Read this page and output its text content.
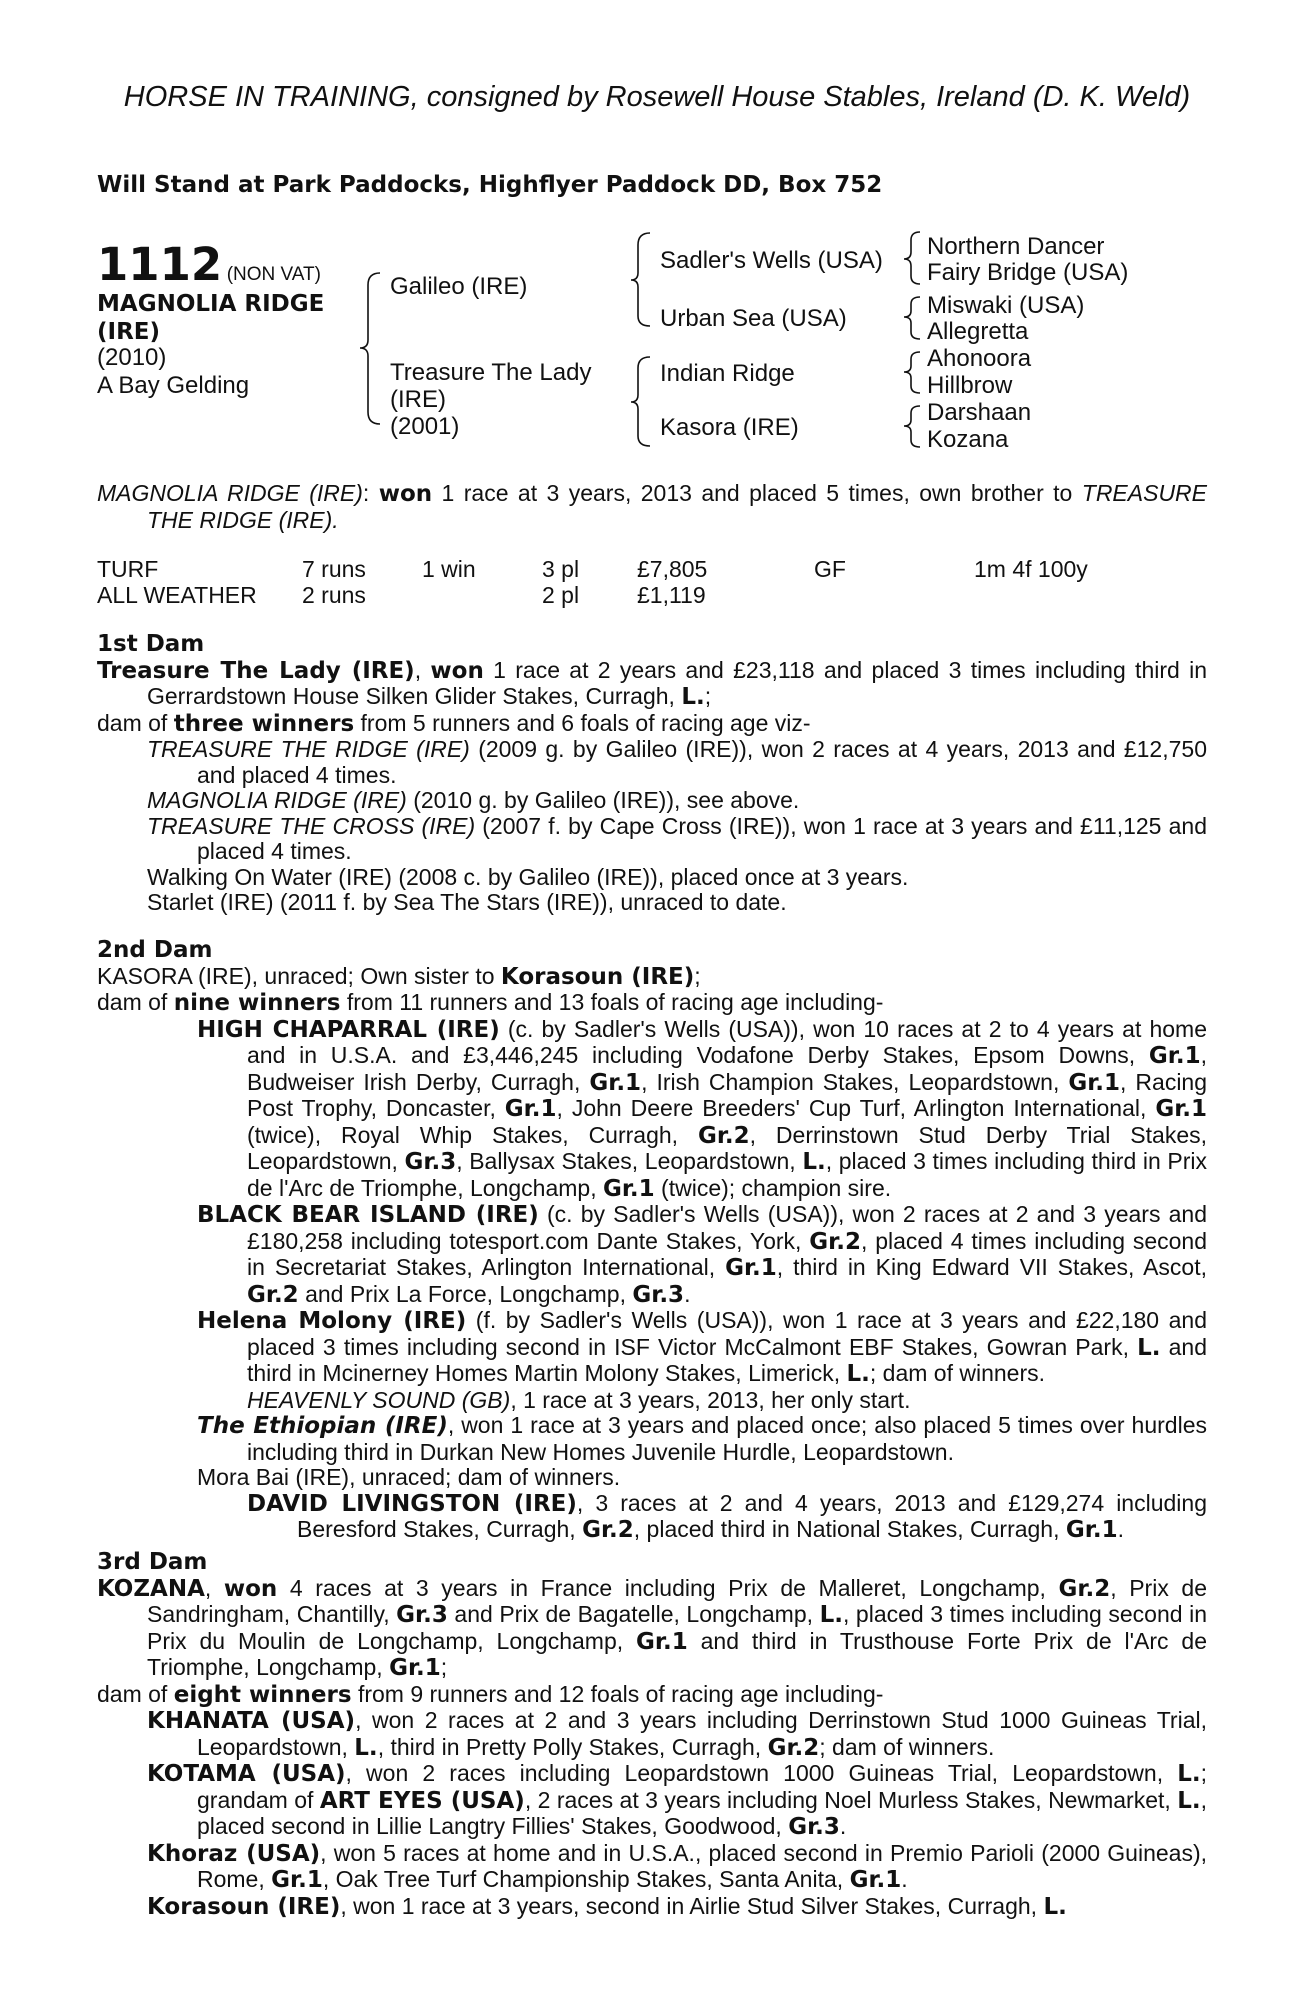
HORSE IN TRAINING, consigned by Rosewell House Stables, Ireland (D. K. Weld)
Will Stand at Park Paddocks, Highflyer Paddock DD, Box 752
1112 (NON VAT)
MAGNOLIA RIDGE
(IRE)
(2010)
A Bay Gelding
Galileo (IRE)
Treasure The Lady
(IRE)
(2001)
Sadler's Wells (USA)
Urban Sea (USA)
Indian Ridge
Kasora (IRE)
Northern Dancer
Fairy Bridge (USA)
Miswaki (USA)
Allegretta
Ahonoora
Hillbrow
Darshaan
Kozana

MAGNOLIA RIDGE (IRE): won 1 race at 3 years, 2013 and placed 5 times, own brother to TREASURE THE RIDGE (IRE).

TURF	7 runs 1 win	3 pl	£7,805	GF	1m 4f 100y
ALL WEATHER 2 runs	2 pl	£1,119

1st Dam

Treasure The Lady (IRE), won 1 race at 2 years and £23,118 and placed 3 times including third in Gerrardstown House Silken Glider Stakes, Curragh, L.;

dam of three winners from 5 runners and 6 foals of racing age viz-

TREASURE THE RIDGE (IRE) (2009 g. by Galileo (IRE)), won 2 races at 4 years, 2013 and £12,750 and placed 4 times.

MAGNOLIA RIDGE (IRE) (2010 g. by Galileo (IRE)), see above.

TREASURE THE CROSS (IRE) (2007 f. by Cape Cross (IRE)), won 1 race at 3 years and £11,125 and placed 4 times.

Walking On Water (IRE) (2008 c. by Galileo (IRE)), placed once at 3 years.

Starlet (IRE) (2011 f. by Sea The Stars (IRE)), unraced to date.

2nd Dam

KASORA (IRE), unraced; Own sister to Korasoun (IRE);

dam of nine winners from 11 runners and 13 foals of racing age including-

HIGH CHAPARRAL (IRE) (c. by Sadler's Wells (USA)), won 10 races at 2 to 4 years at home and in U.S.A. and £3,446,245 including Vodafone Derby Stakes, Epsom Downs, Gr.1, Budweiser Irish Derby, Curragh, Gr.1, Irish Champion Stakes, Leopardstown, Gr.1, Racing Post Trophy, Doncaster, Gr.1, John Deere Breeders' Cup Turf, Arlington International, Gr.1 (twice), Royal Whip Stakes, Curragh, Gr.2, Derrinstown Stud Derby Trial Stakes, Leopardstown, Gr.3, Ballysax Stakes, Leopardstown, L., placed 3 times including third in Prix de l'Arc de Triomphe, Longchamp, Gr.1 (twice); champion sire.

BLACK BEAR ISLAND (IRE) (c. by Sadler's Wells (USA)), won 2 races at 2 and 3 years and £180,258 including totesport.com Dante Stakes, York, Gr.2, placed 4 times including second in Secretariat Stakes, Arlington International, Gr.1, third in King Edward VII Stakes, Ascot, Gr.2 and Prix La Force, Longchamp, Gr.3.

Helena Molony (IRE) (f. by Sadler's Wells (USA)), won 1 race at 3 years and £22,180 and placed 3 times including second in ISF Victor McCalmont EBF Stakes, Gowran Park, L. and third in Mcinerney Homes Martin Molony Stakes, Limerick, L.; dam of winners.

HEAVENLY SOUND (GB), 1 race at 3 years, 2013, her only start.

The Ethiopian (IRE), won 1 race at 3 years and placed once; also placed 5 times over hurdles including third in Durkan New Homes Juvenile Hurdle, Leopardstown.

Mora Bai (IRE), unraced; dam of winners.

DAVID LIVINGSTON (IRE), 3 races at 2 and 4 years, 2013 and £129,274 including Beresford Stakes, Curragh, Gr.2, placed third in National Stakes, Curragh, Gr.1.

3rd Dam

KOZANA, won 4 races at 3 years in France including Prix de Malleret, Longchamp, Gr.2, Prix de Sandringham, Chantilly, Gr.3 and Prix de Bagatelle, Longchamp, L., placed 3 times including second in Prix du Moulin de Longchamp, Longchamp, Gr.1 and third in Trusthouse Forte Prix de l'Arc de Triomphe, Longchamp, Gr.1;

dam of eight winners from 9 runners and 12 foals of racing age including-

KHANATA (USA), won 2 races at 2 and 3 years including Derrinstown Stud 1000 Guineas Trial, Leopardstown, L., third in Pretty Polly Stakes, Curragh, Gr.2; dam of winners.

KOTAMA (USA), won 2 races including Leopardstown 1000 Guineas Trial, Leopardstown, L.; grandam of ART EYES (USA), 2 races at 3 years including Noel Murless Stakes, Newmarket, L., placed second in Lillie Langtry Fillies' Stakes, Goodwood, Gr.3.

Khoraz (USA), won 5 races at home and in U.S.A., placed second in Premio Parioli (2000 Guineas), Rome, Gr.1, Oak Tree Turf Championship Stakes, Santa Anita, Gr.1.

Korasoun (IRE), won 1 race at 3 years, second in Airlie Stud Silver Stakes, Curragh, L.
